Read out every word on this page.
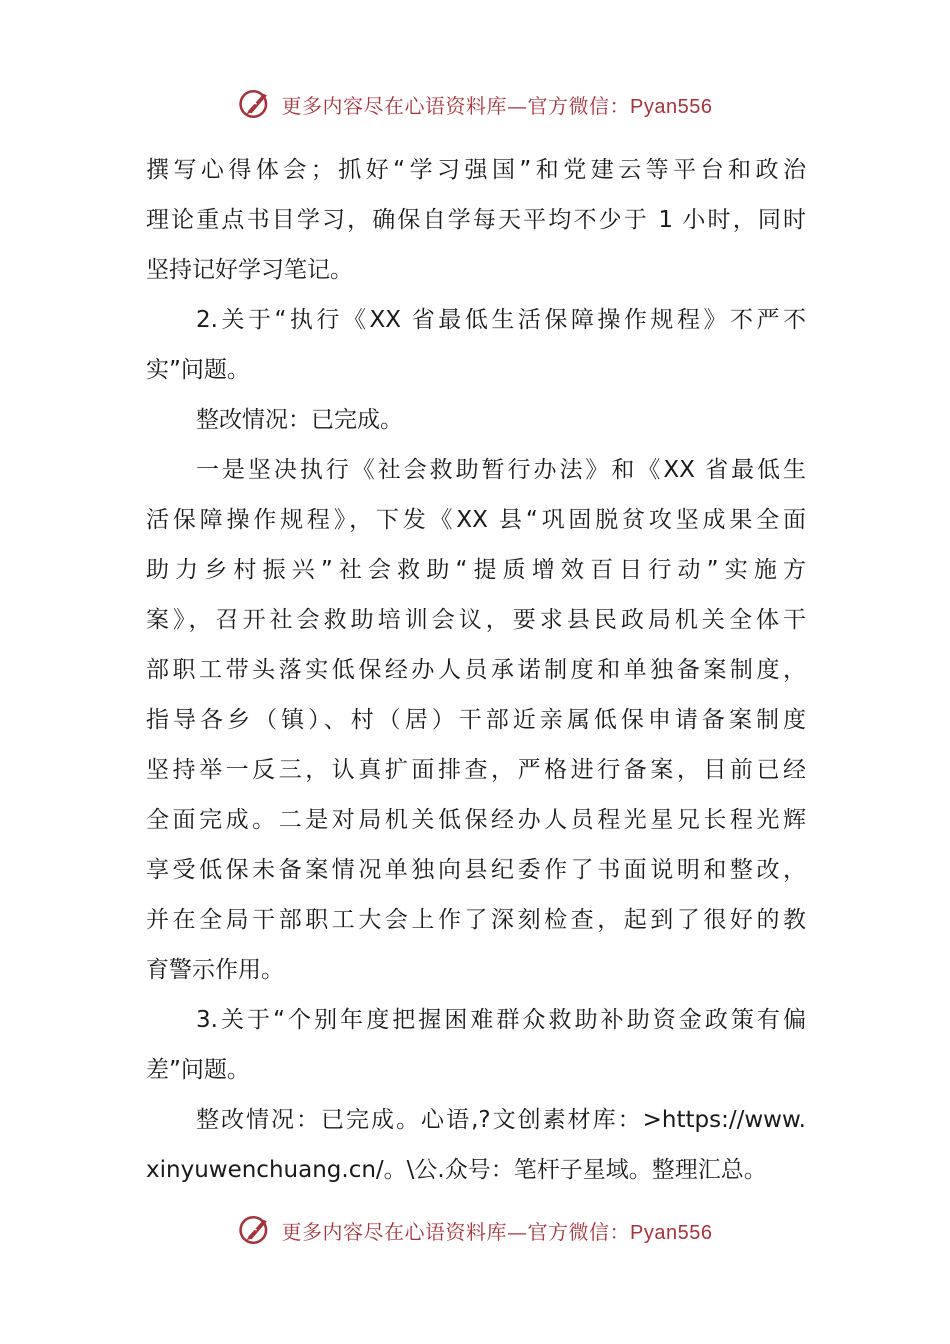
更多内容尽在心语资料库—官方微信：Pyan556
撰写心得体会；抓好“学习强国”和党建云等平台和政治
理论重点书目学习，确保自学每天平均不少于 1 小时，同时
坚持记好学习笔记。
2.关于“执行《XX 省最低生活保障操作规程》不严不
实”问题。
整改情况：已完成。
一是坚决执行《社会救助暂行办法》和《XX 省最低生
活保障操作规程》，下发《XX 县“巩固脱贫攻坚成果全面
助力乡村振兴”社会救助“提质增效百日行动”实施方
案》，召开社会救助培训会议，要求县民政局机关全体干
部职工带头落实低保经办人员承诺制度和单独备案制度，
指导各乡（镇）、村（居）干部近亲属低保申请备案制度
坚持举一反三，认真扩面排查，严格进行备案，目前已经
全面完成。二是对局机关低保经办人员程光星兄长程光辉
享受低保未备案情况单独向县纪委作了书面说明和整改，
并在全局干部职工大会上作了深刻检查，起到了很好的教
育警示作用。
3.关于“个别年度把握困难群众救助补助资金政策有偏
差”问题。
整改情况：已完成。心语,?文创素材库：>https://www.
xinyuwenchuang.cn/。\公.众号：笔杆子星域。整理汇总。
更多内容尽在心语资料库—官方微信：Pyan556
